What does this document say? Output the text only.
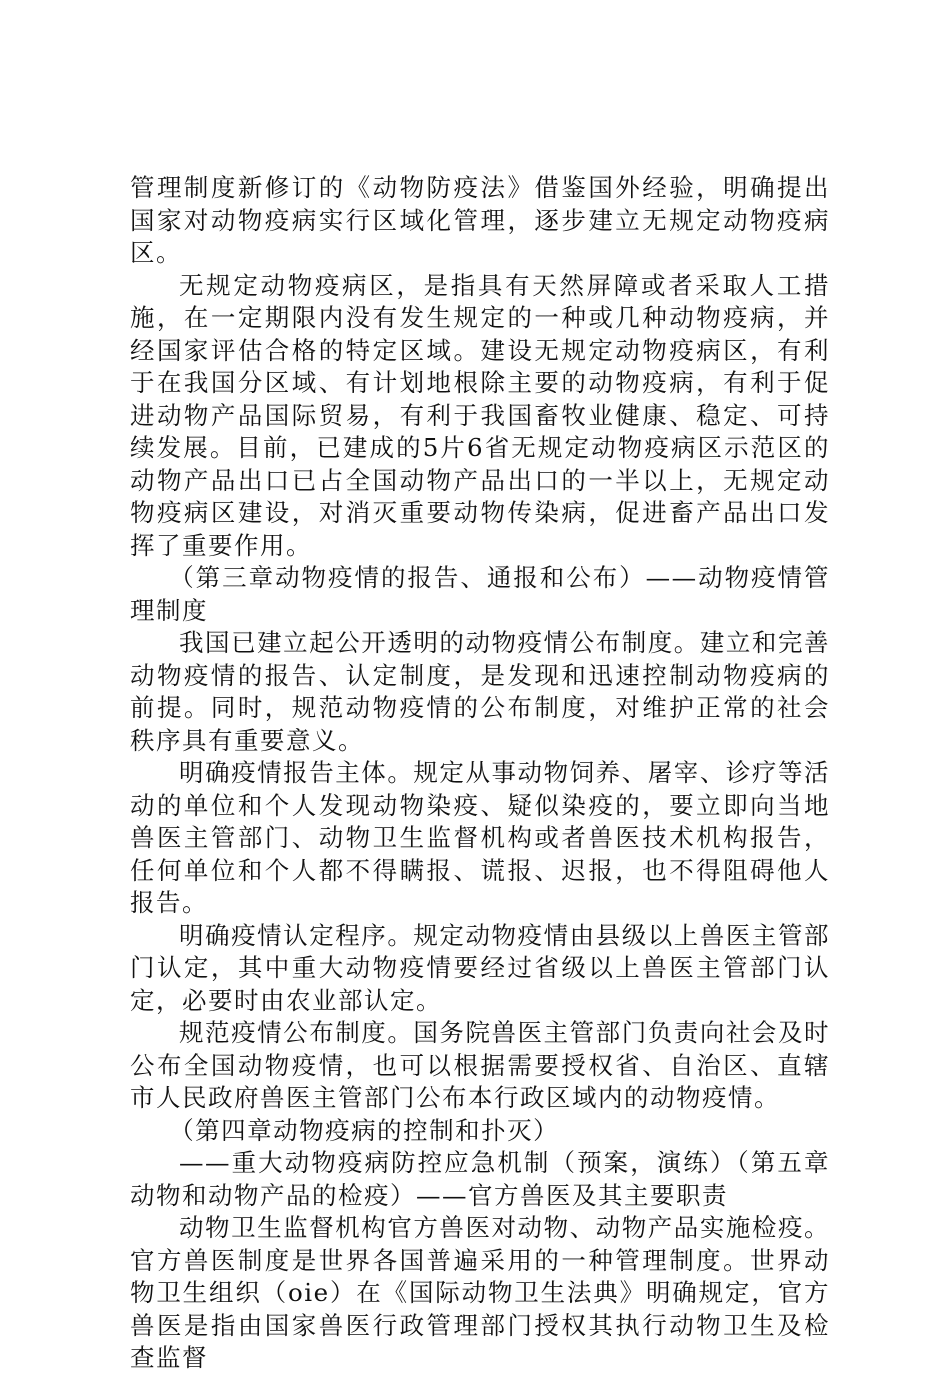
管理制度新修订的《动物防疫法》借鉴国外经验，明确提出国家对动物疫病实行区域化管理，逐步建立无规定动物疫病区。

无规定动物疫病区，是指具有天然屏障或者采取人工措施，在一定期限内没有发生规定的一种或几种动物疫病，并经国家评估合格的特定区域。建设无规定动物疫病区，有利于在我国分区域、有计划地根除主要的动物疫病，有利于促进动物产品国际贸易，有利于我国畜牧业健康、稳定、可持续发展。目前，已建成的5片6省无规定动物疫病区示范区的动物产品出口已占全国动物产品出口的一半以上，无规定动物疫病区建设，对消灭重要动物传染病，促进畜产品出口发挥了重要作用。

（第三章动物疫情的报告、通报和公布）——动物疫情管理制度

我国已建立起公开透明的动物疫情公布制度。建立和完善动物疫情的报告、认定制度，是发现和迅速控制动物疫病的前提。同时，规范动物疫情的公布制度，对维护正常的社会秩序具有重要意义。

明确疫情报告主体。规定从事动物饲养、屠宰、诊疗等活动的单位和个人发现动物染疫、疑似染疫的，要立即向当地兽医主管部门、动物卫生监督机构或者兽医技术机构报告，任何单位和个人都不得瞒报、谎报、迟报，也不得阻碍他人报告。

明确疫情认定程序。规定动物疫情由县级以上兽医主管部门认定，其中重大动物疫情要经过省级以上兽医主管部门认定，必要时由农业部认定。

规范疫情公布制度。国务院兽医主管部门负责向社会及时公布全国动物疫情，也可以根据需要授权省、自治区、直辖市人民政府兽医主管部门公布本行政区域内的动物疫情。

（第四章动物疫病的控制和扑灭）

——重大动物疫病防控应急机制（预案，演练）（第五章动物和动物产品的检疫）——官方兽医及其主要职责

动物卫生监督机构官方兽医对动物、动物产品实施检疫。官方兽医制度是世界各国普遍采用的一种管理制度。世界动物卫生组织（oie）在《国际动物卫生法典》明确规定，官方兽医是指由国家兽医行政管理部门授权其执行动物卫生及检查监督
